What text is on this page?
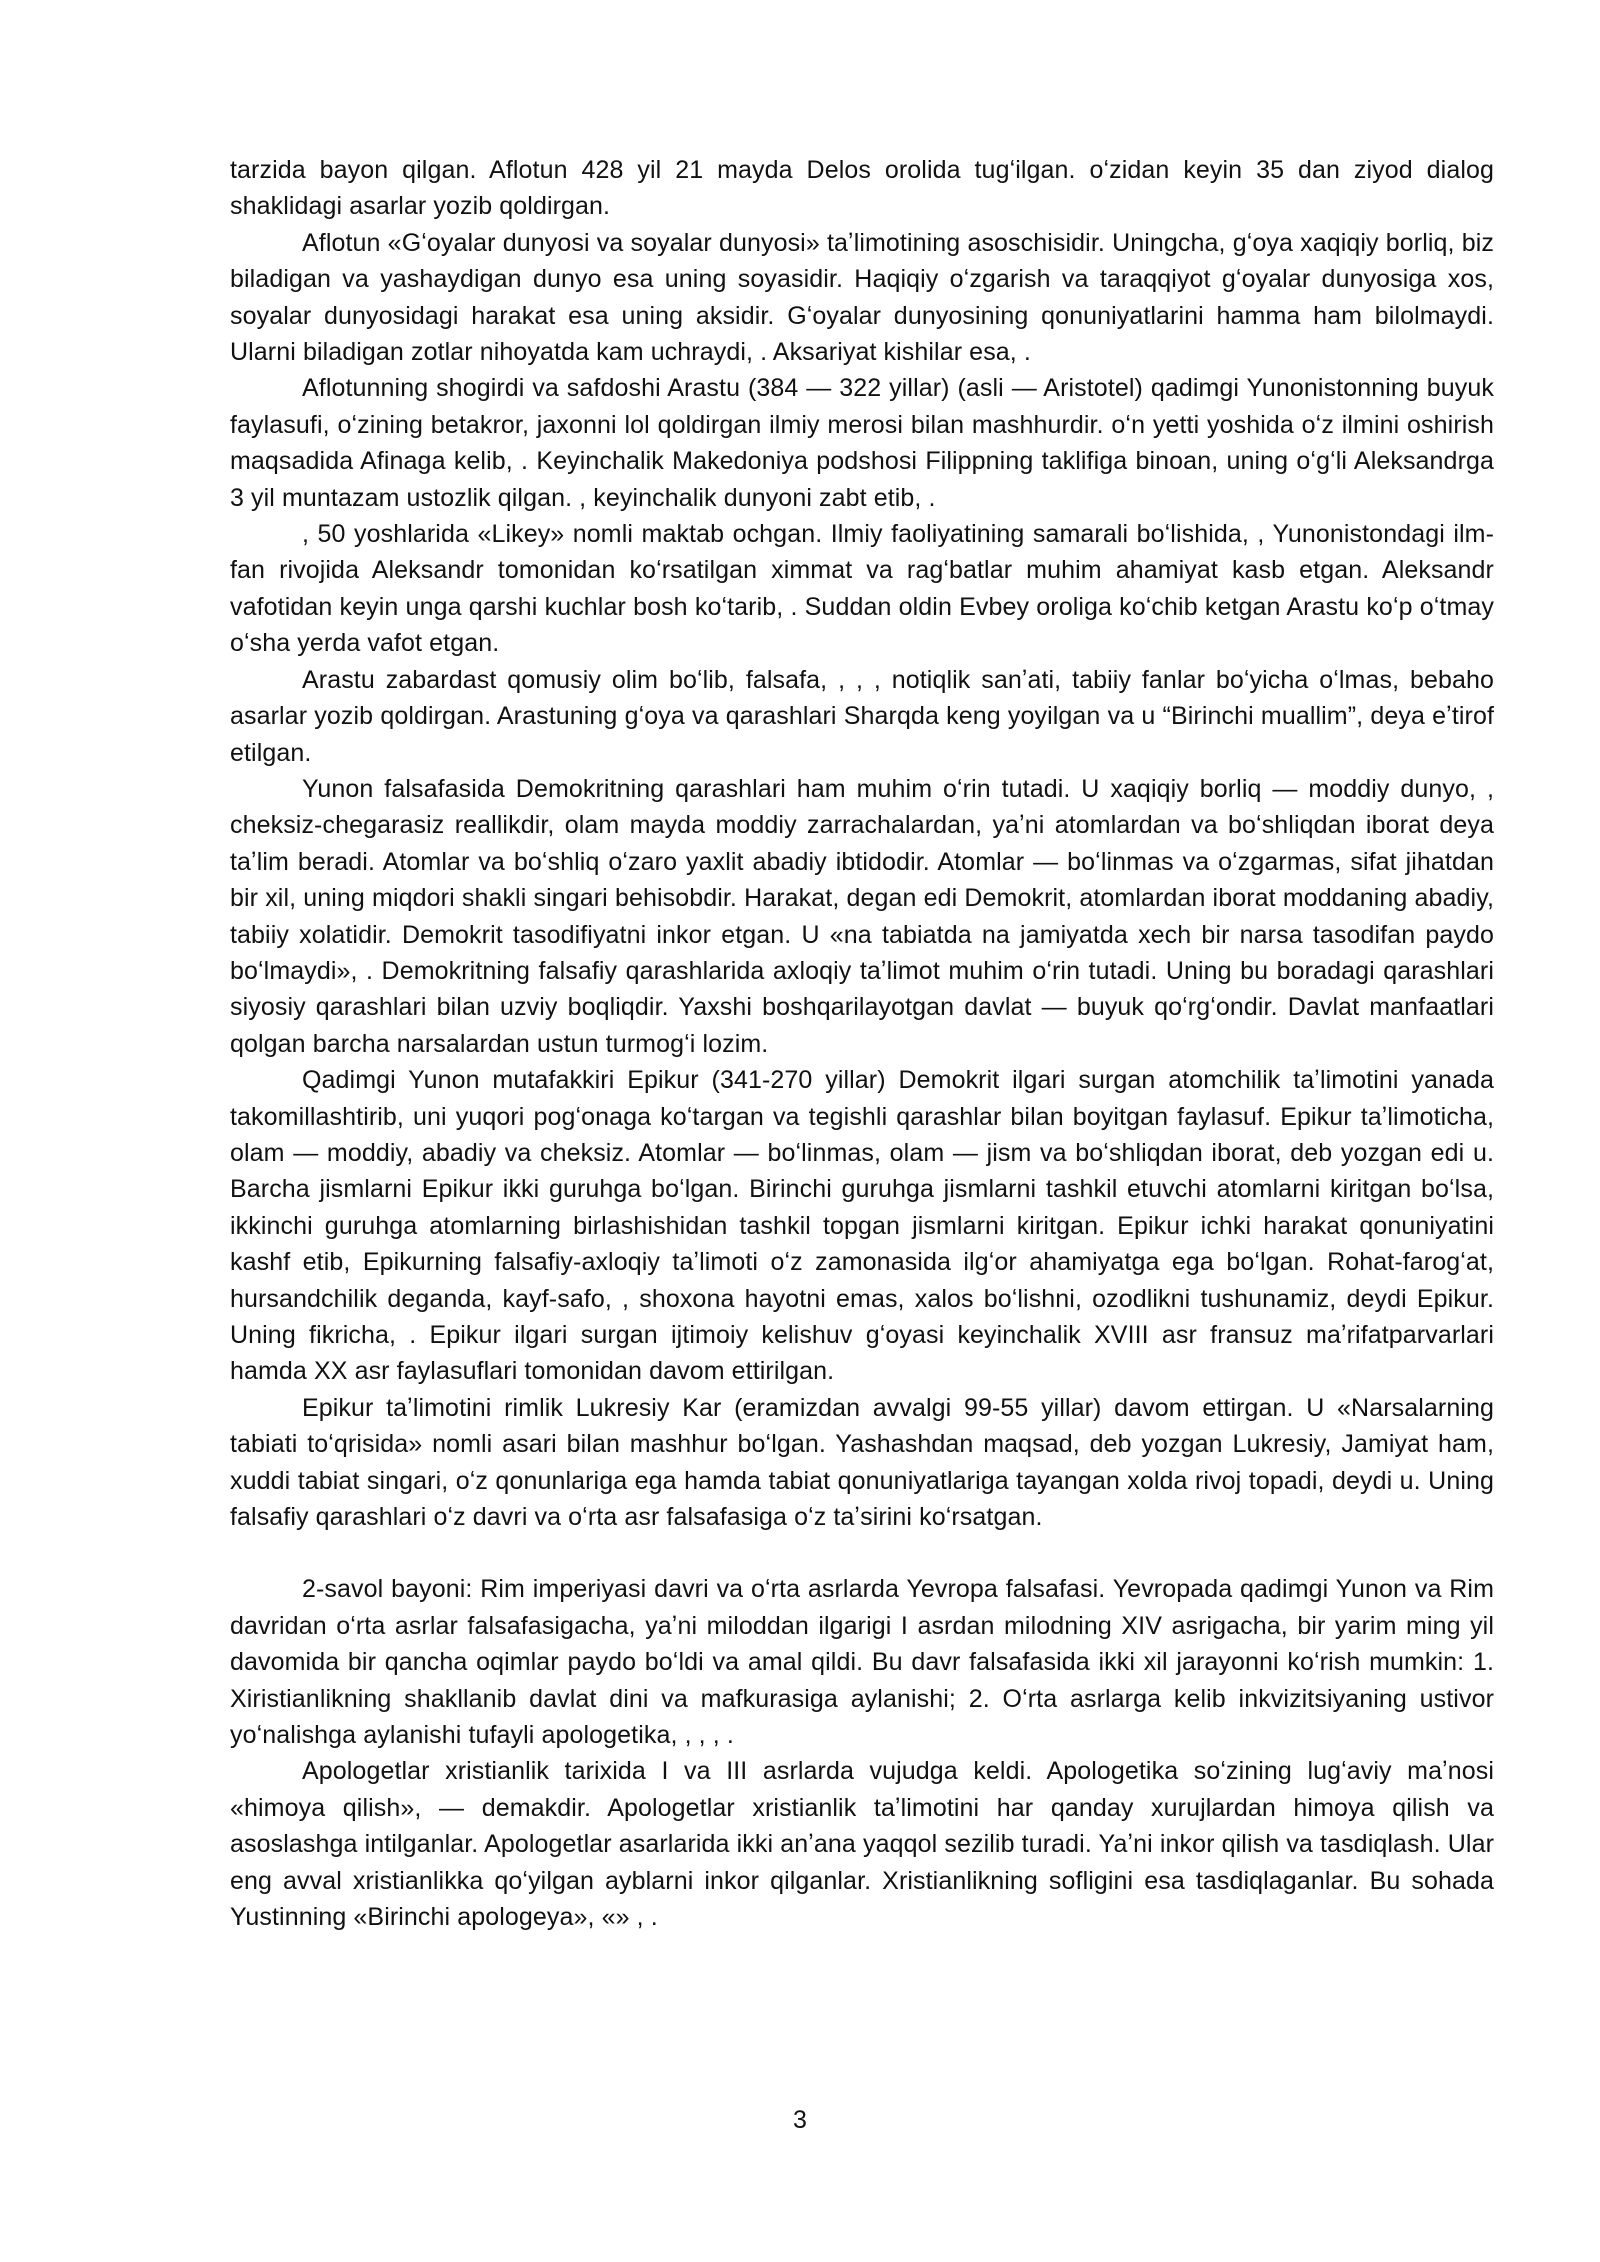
tarzida bayon qilgan. Aflotun 428 yil 21 mayda Delos orolida tugʻilgan. oʻzidan keyin 35 dan ziyod dialog shaklidagi asarlar yozib qoldirgan.

Aflotun «Gʻoyalar dunyosi va soyalar dunyosi» taʼlimotining asoschisidir. Uningcha, gʻoya xaqiqiy borliq, biz biladigan va yashaydigan dunyo esa uning soyasidir. Haqiqiy oʻzgarish va taraqqiyot gʻoyalar dunyosiga xos, soyalar dunyosidagi harakat esa uning aksidir. Gʻoyalar dunyosining qonuniyatlarini hamma ham bilolmaydi. Ularni biladigan zotlar nihoyatda kam uchraydi, . Aksariyat kishilar esa, .

Aflotunning shogirdi va safdoshi Arastu (384 — 322 yillar) (asli — Aristotel) qadimgi Yunonistonning buyuk faylasufi, oʻzining betakror, jaxonni lol qoldirgan ilmiy merosi bilan mashhurdir. oʻn yetti yoshida oʻz ilmini oshirish maqsadida Afinaga kelib, . Keyinchalik Makedoniya podshosi Filippning taklifiga binoan, uning oʻgʻli Aleksandrga 3 yil muntazam ustozlik qilgan. , keyinchalik dunyoni zabt etib, .

, 50 yoshlarida «Likey» nomli maktab ochgan. Ilmiy faoliyatining samarali boʻlishida, , Yunonistondagi ilm-fan rivojida Aleksandr tomonidan koʻrsatilgan ximmat va ragʻbatlar muhim ahamiyat kasb etgan. Aleksandr vafotidan keyin unga qarshi kuchlar bosh koʻtarib, . Suddan oldin Evbey oroliga koʻchib ketgan Arastu koʻp oʻtmay oʻsha yerda vafot etgan.

Arastu zabardast qomusiy olim boʻlib, falsafa, , , , notiqlik sanʼati, tabiiy fanlar boʻyicha oʻlmas, bebaho asarlar yozib qoldirgan. Arastuning gʻoya va qarashlari Sharqda keng yoyilgan va u “Birinchi muallim”, deya eʼtirof etilgan.

Yunon falsafasida Demokritning qarashlari ham muhim oʻrin tutadi. U xaqiqiy borliq — moddiy dunyo, , cheksiz-chegarasiz reallikdir, olam mayda moddiy zarrachalardan, yaʼni atomlardan va boʻshliqdan iborat deya taʼlim beradi. Atomlar va boʻshliq oʻzaro yaxlit abadiy ibtidodir. Atomlar — boʻlinmas va oʻzgarmas, sifat jihatdan bir xil, uning miqdori shakli singari behisobdir. Harakat, degan edi Demokrit, atomlardan iborat moddaning abadiy, tabiiy xolatidir. Demokrit tasodifiyatni inkor etgan. U «na tabiatda na jamiyatda xech bir narsa tasodifan paydo boʻlmaydi», . Demokritning falsafiy qarashlarida axloqiy taʼlimot muhim oʻrin tutadi. Uning bu boradagi qarashlari siyosiy qarashlari bilan uzviy boqliqdir. Yaxshi boshqarilayotgan davlat — buyuk qoʻrgʻondir. Davlat manfaatlari qolgan barcha narsalardan ustun turmogʻi lozim.

Qadimgi Yunon mutafakkiri Epikur (341-270 yillar) Demokrit ilgari surgan atomchilik taʼlimotini yanada takomillashtirib, uni yuqori pogʻonaga koʻtargan va tegishli qarashlar bilan boyitgan faylasuf. Epikur taʼlimoticha, olam — moddiy, abadiy va cheksiz. Atomlar — boʻlinmas, olam — jism va boʻshliqdan iborat, deb yozgan edi u. Barcha jismlarni Epikur ikki guruhga boʻlgan. Birinchi guruhga jismlarni tashkil etuvchi atomlarni kiritgan boʻlsa, ikkinchi guruhga atomlarning birlashishidan tashkil topgan jismlarni kiritgan. Epikur ichki harakat qonuniyatini kashf etib, Epikurning falsafiy-axloqiy taʼlimoti oʻz zamonasida ilgʻor ahamiyatga ega boʻlgan. Rohat-farogʻat, hursandchilik deganda, kayf-safo, , shoxona hayotni emas, xalos boʻlishni, ozodlikni tushunamiz, deydi Epikur. Uning fikricha, . Epikur ilgari surgan ijtimoiy kelishuv gʻoyasi keyinchalik XVIII asr fransuz maʼrifatparvarlari hamda XX asr faylasuflari tomonidan davom ettirilgan.

Epikur taʼlimotini rimlik Lukresiy Kar (eramizdan avvalgi 99-55 yillar) davom ettirgan. U «Narsalarning tabiati toʻqrisida» nomli asari bilan mashhur boʻlgan. Yashashdan maqsad, deb yozgan Lukresiy, Jamiyat ham, xuddi tabiat singari, oʻz qonunlariga ega hamda tabiat qonuniyatlariga tayangan xolda rivoj topadi, deydi u. Uning falsafiy qarashlari oʻz davri va oʻrta asr falsafasiga oʻz taʼsirini koʻrsatgan.

2-savol bayoni: Rim imperiyasi davri va oʻrta asrlarda Yevropa falsafasi. Yevropada qadimgi Yunon va Rim davridan oʻrta asrlar falsafasigacha, yaʼni miloddan ilgarigi I asrdan milodning XIV asrigacha, bir yarim ming yil davomida bir qancha oqimlar paydo boʻldi va amal qildi. Bu davr falsafasida ikki xil jarayonni koʻrish mumkin: 1. Xiristianlikning shakllanib davlat dini va mafkurasiga aylanishi; 2. Oʻrta asrlarga kelib inkvizitsiyaning ustivor yoʻnalishga aylanishi tufayli apologetika, , , , .

Apologetlar xristianlik tarixida I va III asrlarda vujudga keldi. Apologetika soʻzining lugʻaviy maʼnosi «himoya qilish», — demakdir. Apologetlar xristianlik taʼlimotini har qanday xurujlardan himoya qilish va asoslashga intilganlar. Apologetlar asarlarida ikki anʼana yaqqol sezilib turadi. Yaʼni inkor qilish va tasdiqlash. Ular eng avval xristianlikka qoʻyilgan ayblarni inkor qilganlar. Xristianlikning sofligini esa tasdiqlaganlar. Bu sohada Yustinning «Birinchi apologeya», «» , .

3
